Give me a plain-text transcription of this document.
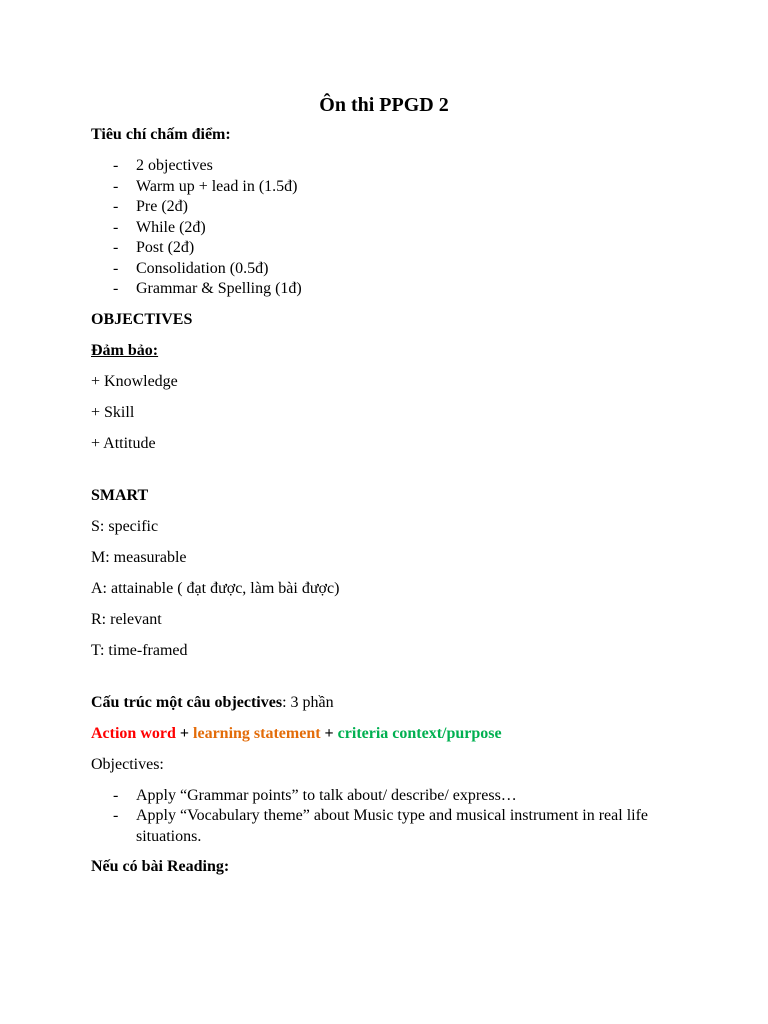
Ôn thi PPGD 2

Tiêu chí chấm điểm:

- 2 objectives
- Warm up + lead in (1.5đ)
- Pre (2đ)
- While (2đ)
- Post (2đ)
- Consolidation (0.5đ)
- Grammar & Spelling (1đ)

OBJECTIVES

Đảm bảo:

+ Knowledge

+ Skill

+ Attitude

SMART

S: specific

M: measurable

A: attainable ( đạt được, làm bài được)

R: relevant

T: time-framed

Cấu trúc một câu objectives: 3 phần

Action word + learning statement + criteria context/purpose

Objectives:

- Apply “Grammar points” to talk about/ describe/ express…
- Apply “Vocabulary theme” about Music type and musical instrument in real life situations.

Nếu có bài Reading:
